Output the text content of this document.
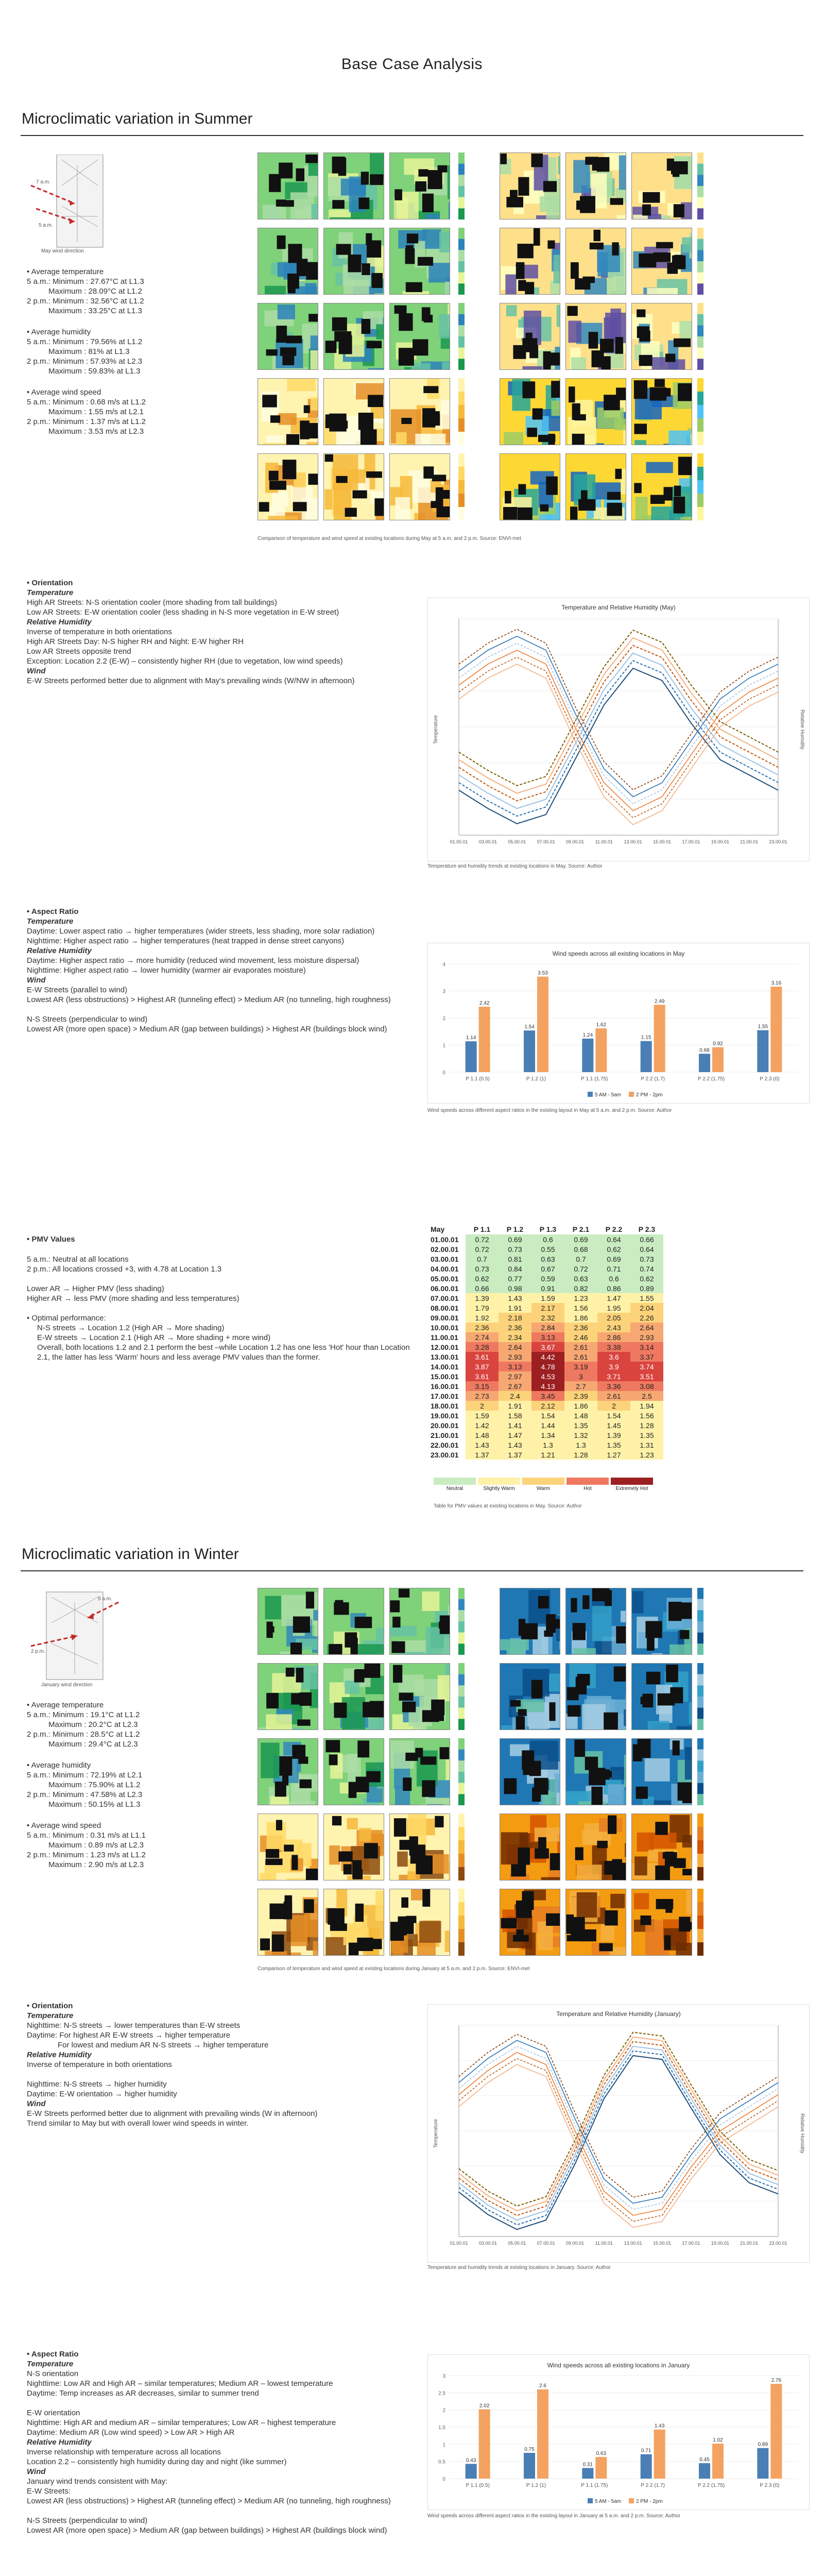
Base Case Analysis
Microclimatic variation in Summer
7 a.m.
5 a.m.
May wind direction

• Average temperature

5 a.m.: Minimum : 27.67°C at L1.3

Maximum : 28.09°C at L1.2

2 p.m.: Minimum : 32.56°C at L1.2

Maximum : 33.25°C at L1.3

• Average humidity

5 a.m.: Minimum : 79.56% at L1.2

Maximum : 81% at L1.3

2 p.m.: Minimum : 57.93% at L2.3

Maximum : 59.83% at L1.3

• Average wind speed

5 a.m.: Minimum : 0.68 m/s at L1.2

Maximum : 1.55 m/s at L2.1

2 p.m.: Minimum : 1.37 m/s at L1.2

Maximum : 3.53 m/s at L2.3

Comparison of temperature and wind speed at existing locations during May at 5 a.m. and 2 p.m. Source: ENVI-met

• Orientation

Temperature

High AR Streets: N-S orientation cooler (more shading from tall buildings)

Low AR Streets: E-W orientation cooler (less shading in N-S more vegetation in E-W street)

Relative Humidity

Inverse of temperature in both orientations

High AR Streets Day: N-S higher RH and Night: E-W higher RH

Low AR Streets opposite trend

Exception: Location 2.2 (E-W) – consistently higher RH (due to vegetation, low wind speeds)

Wind

E-W Streets performed better due to alignment with May's prevailing winds (W/NW in afternoon)

Temperature and Relative Humidity (May)
01.00.01 03.00.01 05.00.01 07.00.01 09.00.01 11.00.01 13.00.01 15.00.01 17.00.01 19.00.01 21.00.01 23.00.01
Temperature	Relative Humidity
Temperature and humidity trends at existing locations in May. Source: Author

• Aspect Ratio

Temperature

Daytime: Lower aspect ratio → higher temperatures (wider streets, less shading, more solar radiation)

Nighttime: Higher aspect ratio → higher temperatures (heat trapped in dense street canyons)

Relative Humidity

Daytime: Higher aspect ratio → more humidity (reduced wind movement, less moisture dispersal)

Nighttime: Higher aspect ratio → lower humidity (warmer air evaporates moisture)

Wind

E-W Streets (parallel to wind)

Lowest AR (less obstructions) > Highest AR (tunneling effect) > Medium AR (no tunneling, high roughness)

N-S Streets (perpendicular to wind)

Lowest AR (more open space) > Medium AR (gap between buildings) > Highest AR (buildings block wind)

Wind speeds across all existing locations in May
0
1
2
3
4
1.14
2.42
P 1.1 (0.5)
1.54
3.53
P 1.2 (1)
1.24
1.62
P 1.1 (1.75)
1.15
2.49
P 2.2 (1.7)
0.68
0.92
P 2.2 (1.75)
1.55
3.16
P 2.3 (0)
5 AM - 5am	2 PM - 2pm
Wind speeds across different aspect ratios in the existing layout in May at 5 a.m. and 2 p.m. Source: Author

• PMV Values

5 a.m.: Neutral at all locations

2 p.m.: All locations crossed +3, with 4.78 at Location 1.3

Lower AR → Higher PMV (less shading)

Higher AR → less PMV (more shading and less temperatures)

• Optimal performance:

N-S streets → Location 1.2 (High AR → More shading)

E-W streets → Location 2.1 (High AR → More shading + more wind)

Overall, both locations 1.2 and 2.1 perform the best –while Location 1.2 has one less 'Hot' hour than Location 2.1, the latter has less 'Warm' hours and less average PMV values than the former.

May	P 1.1	P 1.2	P 1.3	P 2.1	P 2.2	P 2.3
01.00.01	0.72	0.69	0.6	0.69	0.64	0.66
02.00.01	0.72	0.73	0.55	0.68	0.62	0.64
03.00.01	0.7	0.81	0.63	0.7	0.69	0.73
04.00.01	0.73	0.84	0.67	0.72	0.71	0.74
05.00.01	0.62	0.77	0.59	0.63	0.6	0.62
06.00.01	0.66	0.98	0.91	0.82	0.86	0.89
07.00.01	1.39	1.43	1.59	1.23	1.47	1.55
08.00.01	1.79	1.91	2.17	1.56	1.95	2.04
09.00.01	1.92	2.18	2.32	1.86	2.05	2.26
10.00.01	2.36	2.36	2.84	2.36	2.43	2.64
11.00.01	2.74	2.34	3.13	2.46	2.86	2.93
12.00.01	3.28	2.64	3.67	2.61	3.38	3.14
13.00.01	3.61	2.93	4.42	2.61	3.6	3.37
14.00.01	3.87	3.13	4.78	3.19	3.9	3.74
15.00.01	3.61	2.97	4.53	3	3.71	3.51
16.00.01	3.15	2.67	4.13	2.7	3.36	3.08
17.00.01	2.73	2.4	3.45	2.39	2.61	2.5
18.00.01	2	1.91	2.12	1.86	2	1.94
19.00.01	1.59	1.58	1.54	1.48	1.54	1.56
20.00.01	1.42	1.41	1.44	1.35	1.45	1.28
21.00.01	1.48	1.47	1.34	1.32	1.39	1.35
22.00.01	1.43	1.43	1.3	1.3	1.35	1.31
23.00.01	1.37	1.37	1.21	1.28	1.27	1.23
Neutral	Slightly Warm	Warm	Hot	Extremely Hot
Table for PMV values at existing locations in May. Source: Author
Microclimatic variation in Winter
5 a.m.
2 p.m.
January wind direction

• Average temperature

5 a.m.: Minimum : 19.1°C at L1.2

Maximum : 20.2°C at L2.3

2 p.m.: Minimum : 28.5°C at L1.2

Maximum : 29.4°C at L2.3

• Average humidity

5 a.m.: Minimum : 72.19% at L2.1

Maximum : 75.90% at L1.2

2 p.m.: Minimum : 47.58% at L2.3

Maximum : 50.15% at L1.3

• Average wind speed

5 a.m.: Minimum : 0.31 m/s at L1.1

Maximum : 0.89 m/s at L2.3

2 p.m.: Minimum : 1.23 m/s at L1.2

Maximum : 2.90 m/s at L2.3

Comparison of temperature and wind speed at existing locations during January at 5 a.m. and 2 p.m. Source: ENVI-met

• Orientation

Temperature

Nighttime: N-S streets → lower temperatures than E-W streets

Daytime: For highest AR E-W streets → higher temperature

For lowest and medium AR N-S streets → higher temperature

Relative Humidity

Inverse of temperature in both orientations

Nighttime: N-S streets → higher humidity

Daytime: E-W orientation → higher humidity

Wind

E-W Streets performed better due to alignment with prevailing winds (W in afternoon)

Trend similar to May but with overall lower wind speeds in winter.

Temperature and Relative Humidity (January)
01.00.01 03.00.01 05.00.01 07.00.01 09.00.01 11.00.01 13.00.01 15.00.01 17.00.01 19.00.01 21.00.01 23.00.01
Temperature	Relative Humidity
Temperature and humidity trends at existing locations in January. Source: Author

• Aspect Ratio

Temperature

N-S orientation

Nighttime: Low AR and High AR – similar temperatures; Medium AR – lowest temperature

Daytime: Temp increases as AR decreases, similar to summer trend

E-W orientation

Nighttime: High AR and medium AR – similar temperatures; Low AR – highest temperature

Daytime: Medium AR (Low wind speed) > Low AR > High AR

Relative Humidity

Inverse relationship with temperature across all locations

Location 2.2 – consistently high humidity during day and night (like summer)

Wind

January wind trends consistent with May:

E-W Streets:

Lowest AR (less obstructions) > Highest AR (tunneling effect) > Medium AR (no tunneling, high roughness)

N-S Streets (perpendicular to wind)

Lowest AR (more open space) > Medium AR (gap between buildings) > Highest AR (buildings block wind)

Wind speeds across all existing locations in January
0
0.5
1
1.5
2
2.5
3
0.43
2.02
P 1.1 (0.5)
0.75
2.6
P 1.2 (1)
0.31
0.63
P 1.1 (1.75)
0.71
1.43
P 2.2 (1.7)
0.45
1.02
P 2.2 (1.75)
0.89
2.76
P 2.3 (0)
5 AM - 5am	2 PM - 2pm
Wind speeds across different aspect ratios in the existing layout in January at 5 a.m. and 2 p.m. Source: Author
